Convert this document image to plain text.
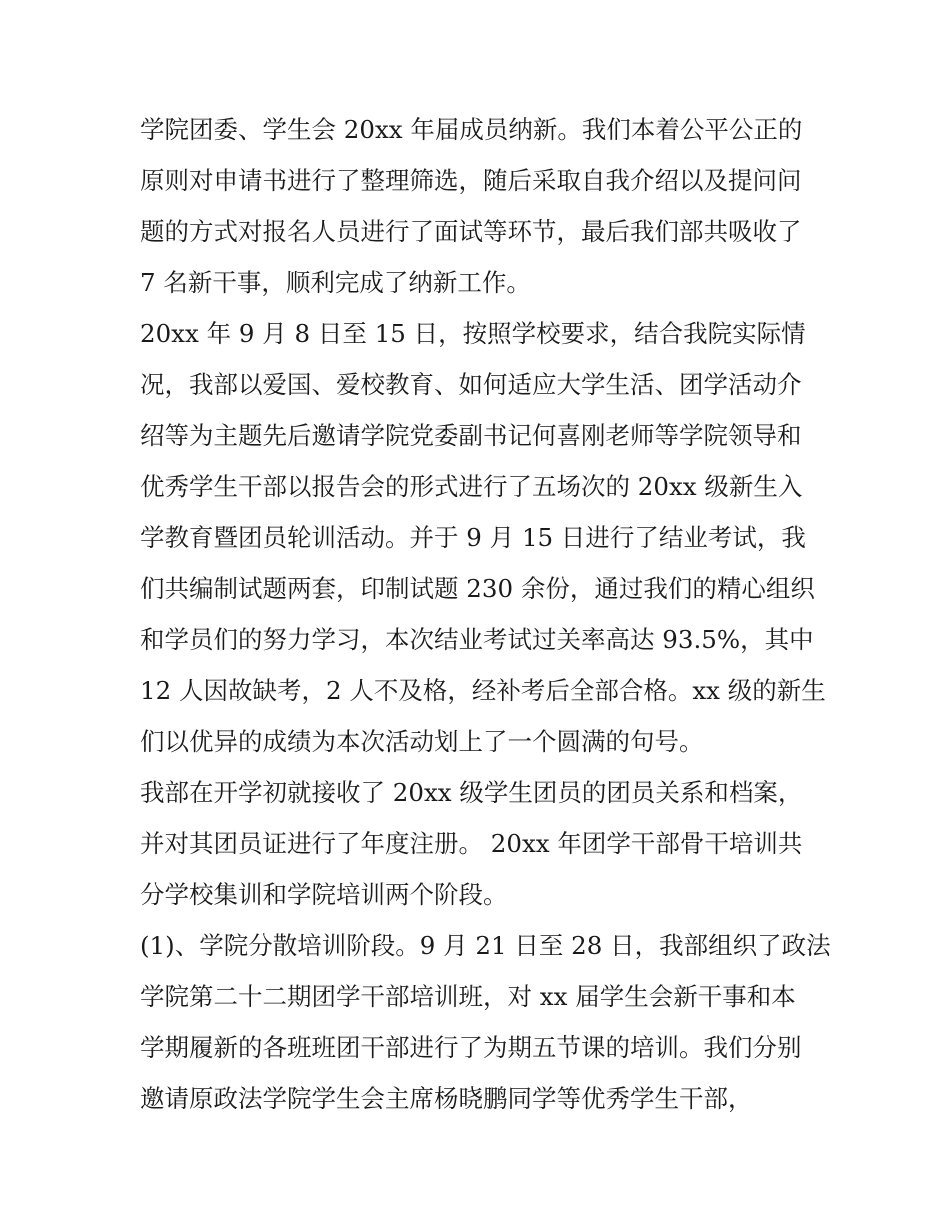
学院团委、学生会 20xx 年届成员纳新。我们本着公平公正的
原则对申请书进行了整理筛选，随后采取自我介绍以及提问问
题的方式对报名人员进行了面试等环节，最后我们部共吸收了
7 名新干事，顺利完成了纳新工作。
20xx 年 9 月 8 日至 15 日，按照学校要求，结合我院实际情
况，我部以爱国、爱校教育、如何适应大学生活、团学活动介
绍等为主题先后邀请学院党委副书记何喜刚老师等学院领导和
优秀学生干部以报告会的形式进行了五场次的 20xx 级新生入
学教育暨团员轮训活动。并于 9 月 15 日进行了结业考试，我
们共编制试题两套，印制试题 230 余份，通过我们的精心组织
和学员们的努力学习，本次结业考试过关率高达 93.5%，其中
12 人因故缺考，2 人不及格，经补考后全部合格。xx 级的新生
们以优异的成绩为本次活动划上了一个圆满的句号。
我部在开学初就接收了 20xx 级学生团员的团员关系和档案，
并对其团员证进行了年度注册。 20xx 年团学干部骨干培训共
分学校集训和学院培训两个阶段。
(1)、学院分散培训阶段。9 月 21 日至 28 日，我部组织了政法
学院第二十二期团学干部培训班，对 xx 届学生会新干事和本
学期履新的各班班团干部进行了为期五节课的培训。我们分别
邀请原政法学院学生会主席杨晓鹏同学等优秀学生干部，
